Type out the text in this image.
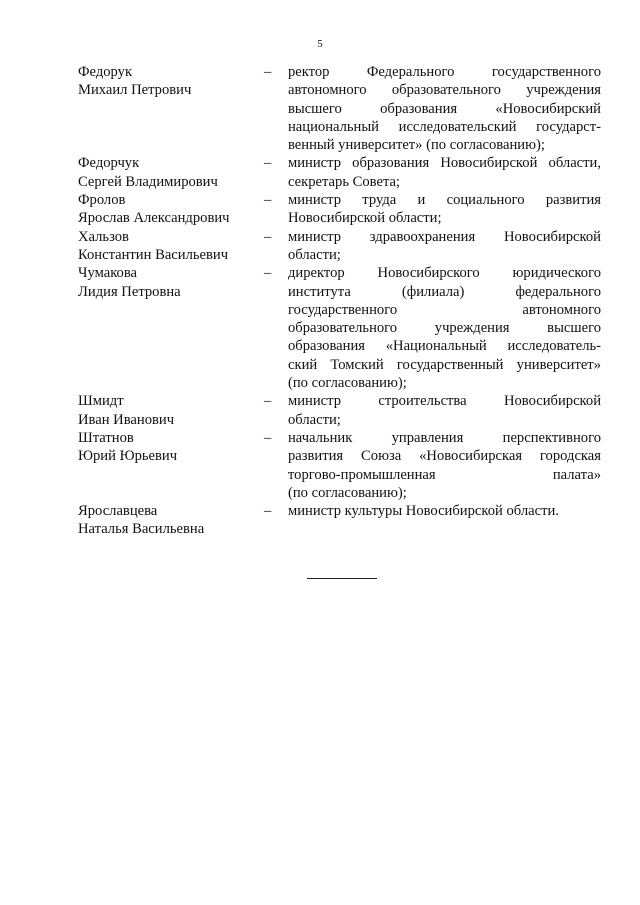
5
Федорук
Михаил Петрович
–	ректор Федерального государственного
автономного образовательного учреждения
высшего образования «Новосибирский
национальный исследовательский государст-
венный университет» (по согласованию);
Федорчук
Сергей Владимирович
–	министр образования Новосибирской области,
секретарь Совета;
Фролов
Ярослав Александрович
–	министр труда и социального развития
Новосибирской области;
Хальзов
Константин Васильевич
–	министр здравоохранения Новосибирской
области;
Чумакова
Лидия Петровна
–	директор Новосибирского юридического
института (филиала) федерального
государственного автономного
образовательного учреждения высшего
образования «Национальный исследователь-
ский Томский государственный университет»
(по согласованию);
Шмидт
Иван Иванович
–	министр строительства Новосибирской
области;
Штатнов
Юрий Юрьевич
–	начальник управления перспективного
развития Союза «Новосибирская городская
торгово-промышленная палата»
(по согласованию);
Ярославцева
Наталья Васильевна
–	министр культуры Новосибирской области.
